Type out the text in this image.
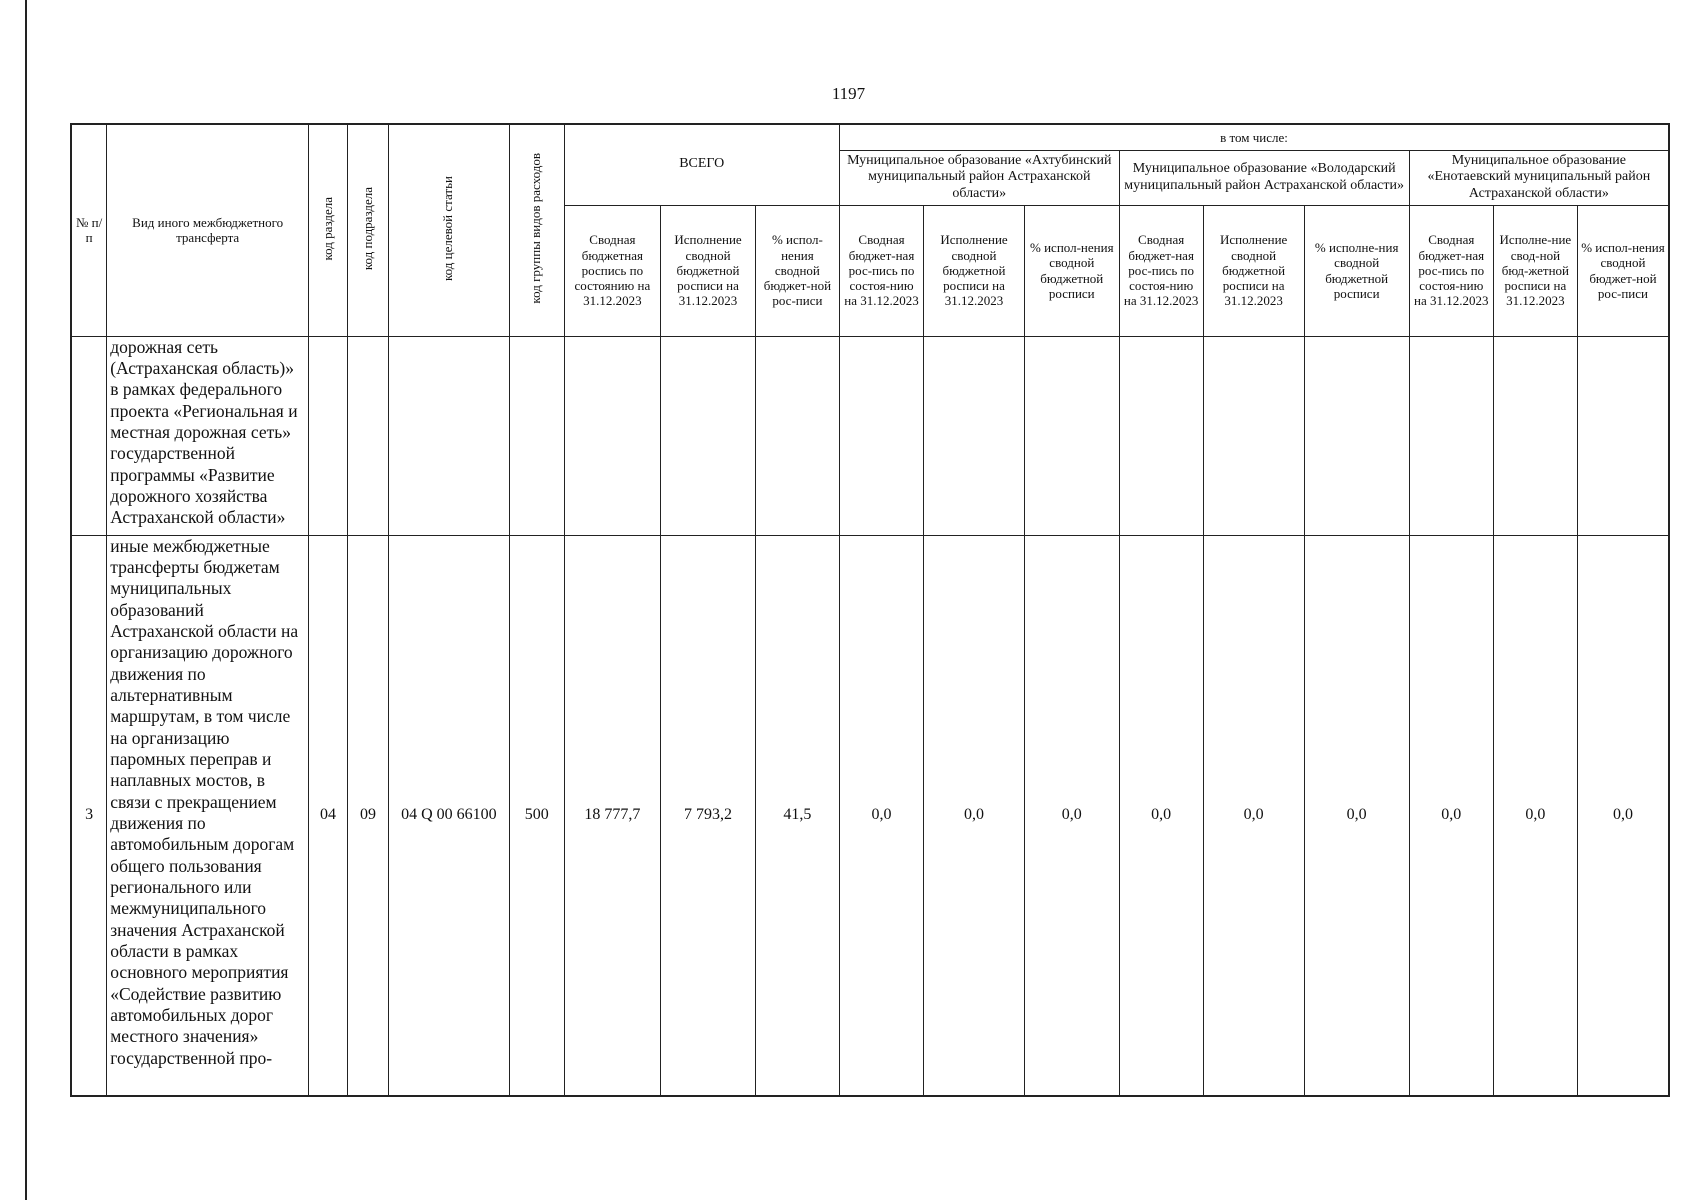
1197
№ п/п	Вид иного межбюджетного трансферта	код раздела	код подраздела	код целевой статьи	код группы видов расходов	ВСЕГО			в том числе:								
									Муниципальное образование «Ахтубинский муниципальный район Астраханской области»			Муниципальное образование «Володарский муниципальный район Астраханской области»			Муниципальное образование «Енотаевский муниципальный район Астраханской области»		
						Сводная бюджетная роспись по состоянию на 31.12.2023	Исполнение сводной бюджетной росписи на 31.12.2023	% испол-нения сводной бюджет-ной рос-писи	Сводная бюджет-ная рос-пись по состоя-нию на 31.12.2023	Исполнение сводной бюджетной росписи на 31.12.2023	% испол-нения сводной бюджетной росписи	Сводная бюджет-ная рос-пись по состоя-нию на 31.12.2023	Исполнение сводной бюджетной росписи на 31.12.2023	% исполне-ния сводной бюджетной росписи	Сводная бюджет-ная рос-пись по состоя-нию на 31.12.2023	Исполне-ние свод-ной бюд-жетной росписи на 31.12.2023	% испол-нения сводной бюджет-ной рос-писи
	дорожная сеть (Астраханская область)» в рамках федерального проекта «Региональная и местная дорожная сеть» государственной программы «Развитие дорожного хозяйства Астраханской области»																
3	иные межбюджетные трансферты бюджетам муниципальных образований Астраханской области на организацию дорожного движения по альтернативным маршрутам, в том числе на организацию паромных переправ и наплавных мостов, в связи с прекращением движения по автомобильным дорогам общего пользования регионального или межмуниципального значения Астраханской области в рамках основного мероприятия «Содействие развитию автомобильных дорог местного значения» государственной про-	04	09	04 Q 00 66100	500	18 777,7	7 793,2	41,5	0,0	0,0	0,0	0,0	0,0	0,0	0,0	0,0	0,0
